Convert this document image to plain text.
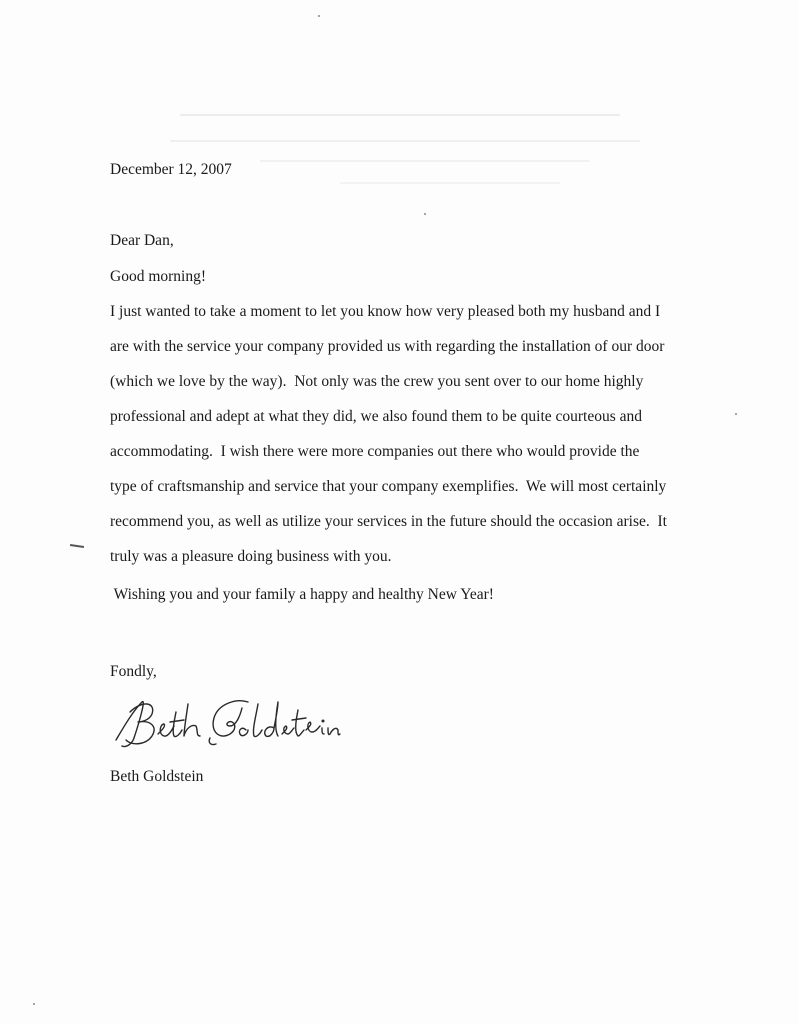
December 12, 2007
Dear Dan,
Good morning!
I just wanted to take a moment to let you know how very pleased both my husband and I
are with the service your company provided us with regarding the installation of our door
(which we love by the way).  Not only was the crew you sent over to our home highly
professional and adept at what they did, we also found them to be quite courteous and
accommodating.  I wish there were more companies out there who would provide the
type of craftsmanship and service that your company exemplifies.  We will most certainly
recommend you, as well as utilize your services in the future should the occasion arise.  It
truly was a pleasure doing business with you.
Wishing you and your family a happy and healthy New Year!
Fondly,
Beth Goldstein
